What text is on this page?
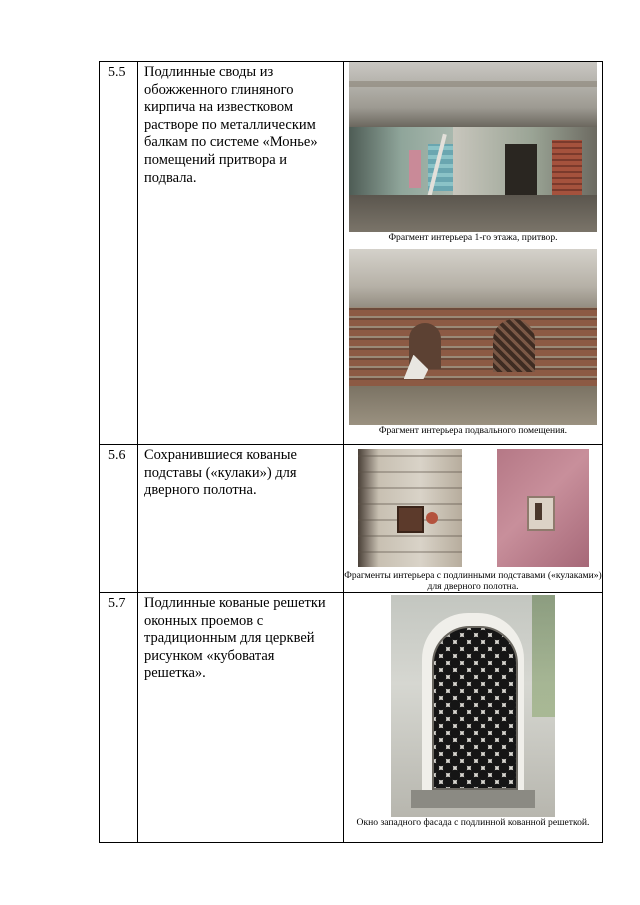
5.5	Подлинные своды из обожженного глиняного кирпича на известковом растворе по металлическим балкам по системе «Монье» помещений притвора и подвала.	Фрагмент интерьера 1-го этажа, притвор.

Фрагмент интерьера подвального помещения.

5.6	Сохранившиеся кованые подставы («кулаки») для дверного полотна.	Фрагменты интерьера с подлинными подставами («кулаками») для дверного полотна.

5.7	Подлинные кованые решетки оконных проемов с традиционным для церквей рисунком «кубоватая решетка».	Окно западного фасада с подлинной кованной решеткой.
